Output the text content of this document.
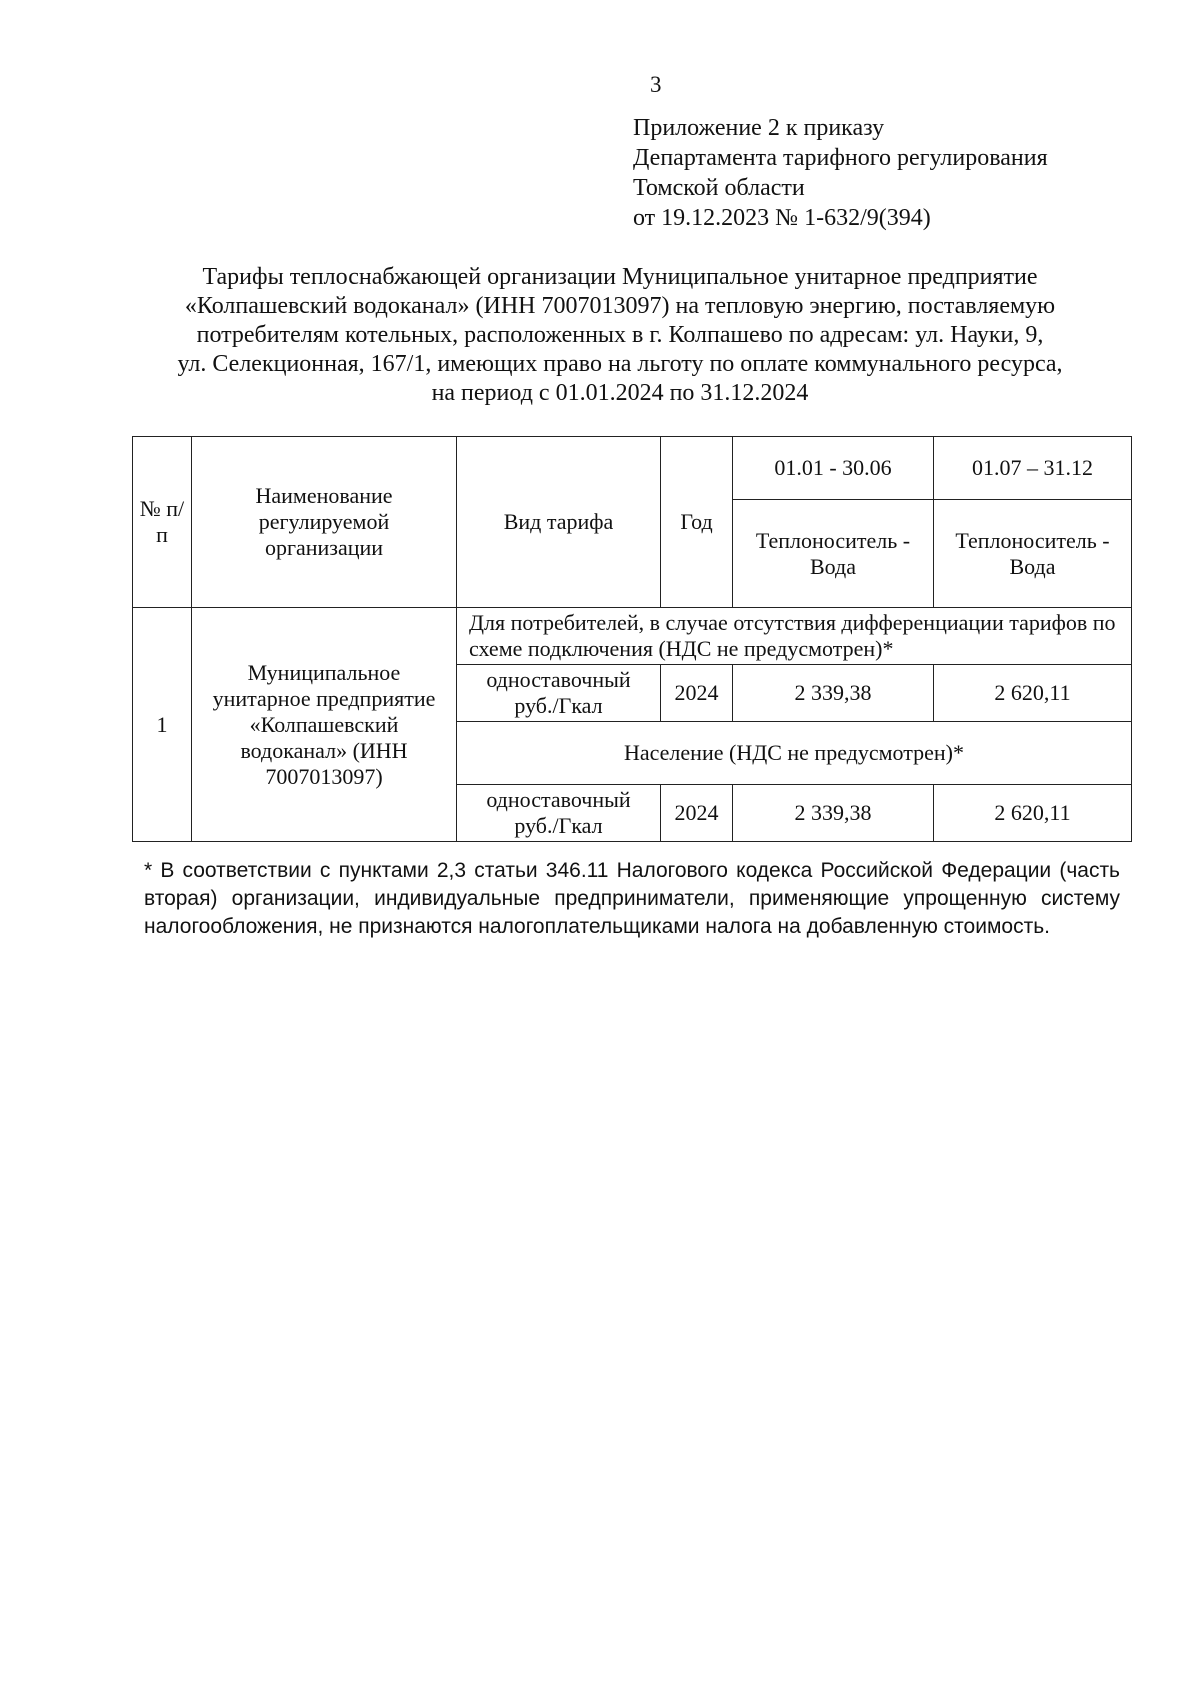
3
Приложение 2 к приказу
Департамента тарифного регулирования
Томской области
от 19.12.2023 № 1-632/9(394)
Тарифы теплоснабжающей организации Муниципальное унитарное предприятие
«Колпашевский водоканал» (ИНН 7007013097) на тепловую энергию, поставляемую
потребителям котельных, расположенных в г. Колпашево по адресам: ул. Науки, 9,
ул. Селекционная, 167/1, имеющих право на льготу по оплате коммунального ресурса,
на период с 01.01.2024 по 31.12.2024
№ п/п	Наименование регулируемой организации	Вид тарифа	Год	01.01 - 30.06	01.07 – 31.12
				Теплоноситель - Вода	Теплоноситель - Вода
1	Муниципальное унитарное предприятие «Колпашевский водоканал» (ИНН 7007013097)	Для потребителей, в случае отсутствия дифференциации тарифов по схеме подключения (НДС не предусмотрен)*			
		одноставочный руб./Гкал	2024	2 339,38	2 620,11
		Население (НДС не предусмотрен)*			
		одноставочный руб./Гкал	2024	2 339,38	2 620,11
* В соответствии с пунктами 2,3 статьи 346.11 Налогового кодекса Российской Федерации (часть вторая) организации, индивидуальные предприниматели, применяющие упрощенную систему налогообложения, не признаются налогоплательщиками налога на добавленную стоимость.
